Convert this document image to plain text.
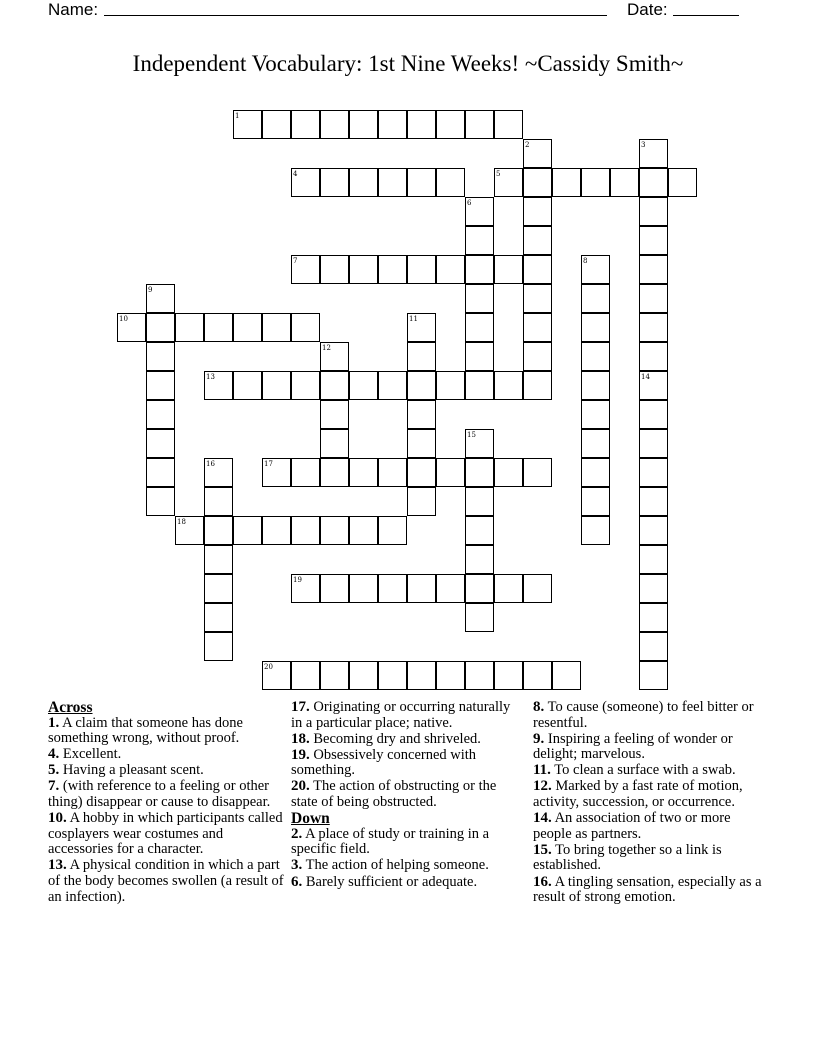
Name:	Date:
Independent Vocabulary: 1st Nine Weeks! ~Cassidy Smith~
1
2	3
4	5
6
7	8
9
10	11
12
13	14
15
16	17
18
19
20
Across
1. A claim that someone has done something wrong, without proof.
4. Excellent.
5. Having a pleasant scent.
7. (with reference to a feeling or other thing) disappear or cause to disappear.
10. A hobby in which participants called cosplayers wear costumes and accessories for a character.
13. A physical condition in which a part of the body becomes swollen (a result of an infection).
17. Originating or occurring naturally in a particular place; native.
18. Becoming dry and shriveled.
19. Obsessively concerned with something.
20. The action of obstructing or the state of being obstructed.
Down
2. A place of study or training in a specific field.
3. The action of helping someone.
6. Barely sufficient or adequate.
8. To cause (someone) to feel bitter or resentful.
9. Inspiring a feeling of wonder or delight; marvelous.
11. To clean a surface with a swab.
12. Marked by a fast rate of motion, activity, succession, or occurrence.
14. An association of two or more people as partners.
15. To bring together so a link is established.
16. A tingling sensation, especially as a result of strong emotion.
